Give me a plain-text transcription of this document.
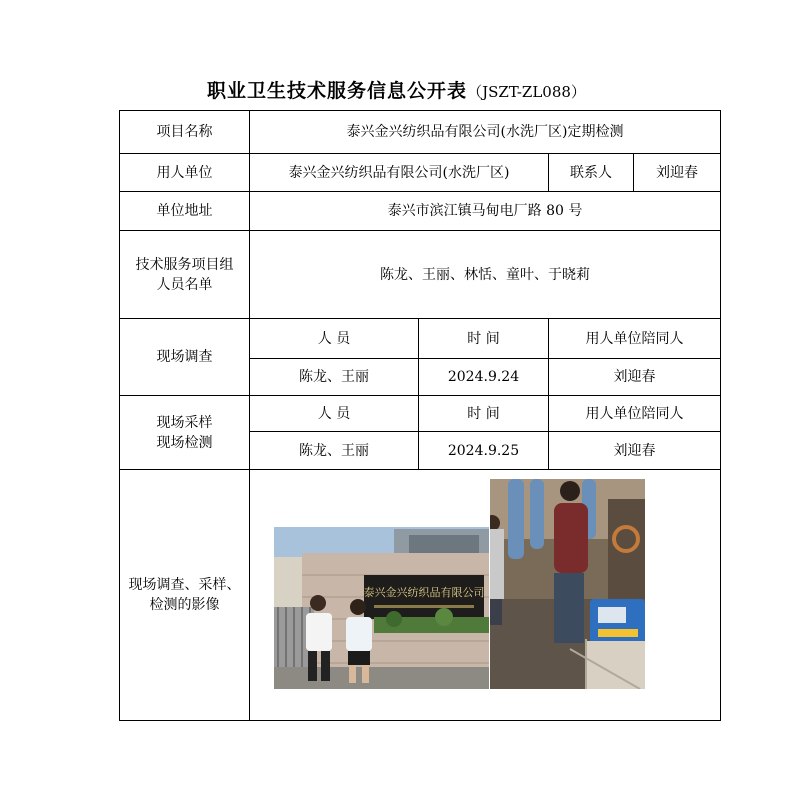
职业卫生技术服务信息公开表（JSZT-ZL088）
项目名称	泰兴金兴纺织品有限公司(水洗厂区)定期检测			
用人单位	泰兴金兴纺织品有限公司(水洗厂区)		联系人	刘迎春
单位地址	泰兴市滨江镇马甸电厂路 80 号			

技术服务项目组
人员名单	陈龙、王丽、林恬、童叶、于晓莉			
现场调查	人 员	时 间	用人单位陪同人	
	陈龙、王丽	2024.9.24	刘迎春	

现场采样
现场检测	人 员	时 间	用人单位陪同人	
	陈龙、王丽	2024.9.25	刘迎春	

现场调查、采样、
检测的影像	泰兴金兴纺织品有限公司			
